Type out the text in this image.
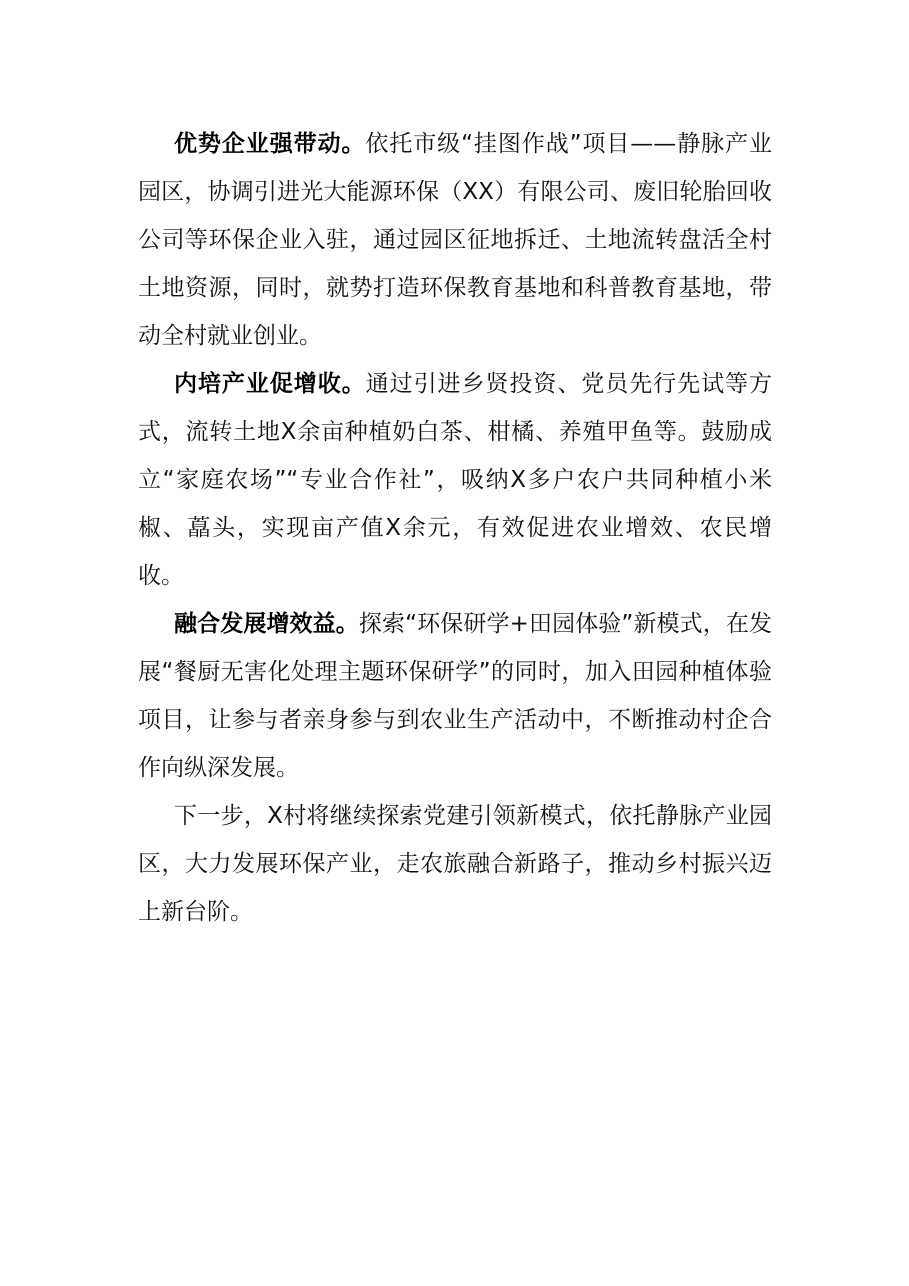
优势企业强带动。依托市级“挂图作战”项目——静脉产业园区，协调引进光大能源环保（XX）有限公司、废旧轮胎回收公司等环保企业入驻，通过园区征地拆迁、土地流转盘活全村土地资源，同时，就势打造环保教育基地和科普教育基地，带动全村就业创业。

内培产业促增收。通过引进乡贤投资、党员先行先试等方式，流转土地X余亩种植奶白茶、柑橘、养殖甲鱼等。鼓励成立“家庭农场”“专业合作社”，吸纳X多户农户共同种植小米椒、藠头，实现亩产值X余元，有效促进农业增效、农民增收。

融合发展增效益。探索“环保研学+田园体验”新模式，在发展“餐厨无害化处理主题环保研学”的同时，加入田园种植体验项目，让参与者亲身参与到农业生产活动中，不断推动村企合作向纵深发展。

下一步，X村将继续探索党建引领新模式，依托静脉产业园区，大力发展环保产业，走农旅融合新路子，推动乡村振兴迈上新台阶。
